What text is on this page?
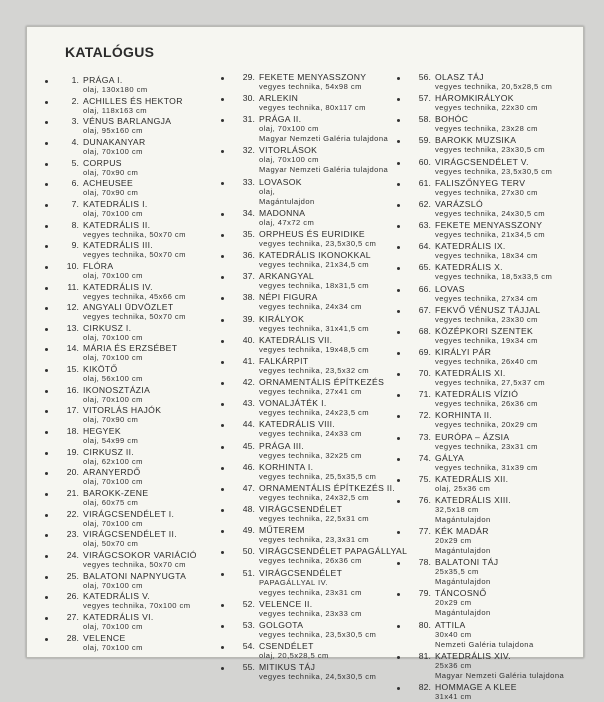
KATALÓGUS
1. PRÁGA I.
olaj, 130x180 cm
2. ACHILLES ÉS HEKTOR
olaj, 118x163 cm
3. VÉNUS BARLANGJA
olaj, 95x160 cm
4. DUNAKANYAR
olaj, 70x100 cm
5. CORPUS
olaj, 70x90 cm
6. ACHEUSEE
olaj, 70x90 cm
7. KATEDRÁLIS I.
olaj, 70x100 cm
8. KATEDRÁLIS II.
vegyes technika, 50x70 cm
9. KATEDRÁLIS III.
vegyes technika, 50x70 cm
10. FLÓRA
olaj, 70x100 cm
11. KATEDRÁLIS IV.
vegyes technika, 45x66 cm
12. ANGYALI ÜDVÖZLET
vegyes technika, 50x70 cm
13. CIRKUSZ I.
olaj, 70x100 cm
14. MÁRIA ÉS ERZSÉBET
olaj, 70x100 cm
15. KIKÖTŐ
olaj, 56x100 cm
16. IKONOSZTÁZIA
olaj, 70x100 cm
17. VITORLÁS HAJÓK
olaj, 70x90 cm
18. HEGYEK
olaj, 54x99 cm
19. CIRKUSZ II.
olaj, 62x100 cm
20. ARANYERDŐ
olaj, 70x100 cm
21. BAROKK-ZENE
olaj, 60x75 cm
22. VIRÁGCSENDÉLET I.
olaj, 70x100 cm
23. VIRÁGCSENDÉLET II.
olaj, 50x70 cm
24. VIRÁGCSOKOR VARIÁCIÓ
vegyes technika, 50x70 cm
25. BALATONI NAPNYUGTA
olaj, 70x100 cm
26. KATEDRÁLIS V.
vegyes technika, 70x100 cm
27. KATEDRÁLIS VI.
olaj, 70x100 cm
28. VELENCE
olaj, 70x100 cm
29. FEKETE MENYASSZONY
vegyes technika, 54x98 cm
30. ARLEKIN
vegyes technika, 80x117 cm
31. PRÁGA II.
olaj, 70x100 cm
Magyar Nemzeti Galéria tulajdona
32. VITORLÁSOK
olaj, 70x100 cm
Magyar Nemzeti Galéria tulajdona
33. LOVASOK
olaj,
Magántulajdon
34. MADONNA
olaj, 47x72 cm
35. ORPHEUS ÉS EURIDIKE
vegyes technika, 23,5x30,5 cm
36. KATEDRÁLIS IKONOKKAL
vegyes technika, 21x34,5 cm
37. ARKANGYAL
vegyes technika, 18x31,5 cm
38. NÉPI FIGURA
vegyes technika, 24x34 cm
39. KIRÁLYOK
vegyes technika, 31x41,5 cm
40. KATEDRÁLIS VII.
vegyes technika, 19x48,5 cm
41. FALKÁRPIT
vegyes technika, 23,5x32 cm
42. ORNAMENTÁLIS ÉPÍTKEZÉS
vegyes technika, 27x41 cm
43. VONALJÁTÉK I.
vegyes technika, 24x23,5 cm
44. KATEDRÁLIS VIII.
vegyes technika, 24x33 cm
45. PRÁGA III.
vegyes technika, 32x25 cm
46. KORHINTA I.
vegyes technika, 25,5x35,5 cm
47. ORNAMENTÁLIS ÉPÍTKEZÉS II.
vegyes technika, 24x32,5 cm
48. VIRÁGCSENDÉLET
vegyes technika, 22,5x31 cm
49. MŰTEREM
vegyes technika, 23,3x31 cm
50. VIRÁGCSENDÉLET PAPAGÁLLYAL
vegyes technika, 26x36 cm
51. VIRÁGCSENDÉLET
PAPAGÁLLYAL IV.
vegyes technika, 23x31 cm
52. VELENCE II.
vegyes technika, 23x33 cm
53. GOLGOTA
vegyes technika, 23,5x30,5 cm
54. CSENDÉLET
olaj, 20,5x28,5 cm
55. MITIKUS TÁJ
vegyes technika, 24,5x30,5 cm
56. OLASZ TÁJ
vegyes technika, 20,5x28,5 cm
57. HÁROMKIRÁLYOK
vegyes technika, 22x30 cm
58. BOHÓC
vegyes technika, 23x28 cm
59. BAROKK MUZSIKA
vegyes technika, 23x30,5 cm
60. VIRÁGCSENDÉLET V.
vegyes technika, 23,5x30,5 cm
61. FALISZŐNYEG TERV
vegyes technika, 27x30 cm
62. VARÁZSLÓ
vegyes technika, 24x30,5 cm
63. FEKETE MENYASSZONY
vegyes technika, 21x34,5 cm
64. KATEDRÁLIS IX.
vegyes technika, 18x34 cm
65. KATEDRÁLIS X.
vegyes technika, 18,5x33,5 cm
66. LOVAS
vegyes technika, 27x34 cm
67. FEKVŐ VÉNUSZ TÁJJAL
vegyes technika, 23x30 cm
68. KÖZÉPKORI SZENTEK
vegyes technika, 19x34 cm
69. KIRÁLYI PÁR
vegyes technika, 26x40 cm
70. KATEDRÁLIS XI.
vegyes technika, 27,5x37 cm
71. KATEDRÁLIS VÍZIÓ
vegyes technika, 26x36 cm
72. KORHINTA II.
vegyes technika, 20x29 cm
73. EURÓPA – ÁZSIA
vegyes technika, 23x31 cm
74. GÁLYA
vegyes technika, 31x39 cm
75. KATEDRÁLIS XII.
olaj, 25x36 cm
76. KATEDRÁLIS XIII.
32,5x18 cm
Magántulajdon
77. KÉK MADÁR
20x29 cm
Magántulajdon
78. BALATONI TÁJ
25x35,5 cm
Magántulajdon
79. TÁNCOSNŐ
20x29 cm
Magántulajdon
80. ATTILA
30x40 cm
Nemzeti Galéria tulajdona
81. KATEDRÁLIS XIV.
25x36 cm
Magyar Nemzeti Galéria tulajdona
82. HOMMAGE A KLEE
31x41 cm
